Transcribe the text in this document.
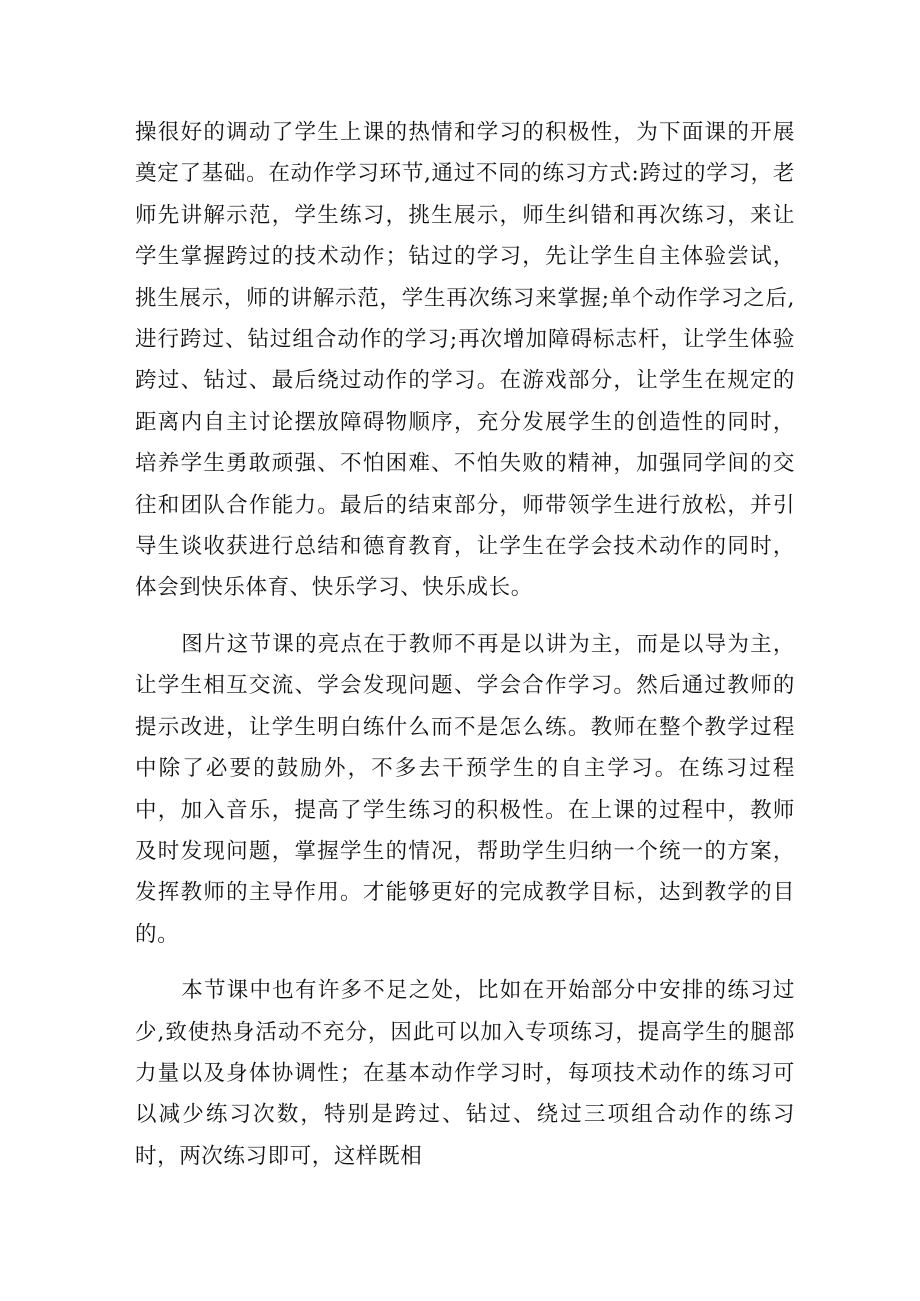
操很好的调动了学生上课的热情和学习的积极性，为下面课的开展奠定了基础。在动作学习环节,通过不同的练习方式:跨过的学习，老师先讲解示范，学生练习，挑生展示，师生纠错和再次练习，来让学生掌握跨过的技术动作；钻过的学习，先让学生自主体验尝试，挑生展示，师的讲解示范，学生再次练习来掌握;单个动作学习之后,进行跨过、钻过组合动作的学习;再次增加障碍标志杆，让学生体验跨过、钻过、最后绕过动作的学习。在游戏部分，让学生在规定的距离内自主讨论摆放障碍物顺序，充分发展学生的创造性的同时，培养学生勇敢顽强、不怕困难、不怕失败的精神，加强同学间的交往和团队合作能力。最后的结束部分，师带领学生进行放松，并引导生谈收获进行总结和德育教育，让学生在学会技术动作的同时，体会到快乐体育、快乐学习、快乐成长。

图片这节课的亮点在于教师不再是以讲为主，而是以导为主，让学生相互交流、学会发现问题、学会合作学习。然后通过教师的提示改进，让学生明白练什么而不是怎么练。教师在整个教学过程中除了必要的鼓励外，不多去干预学生的自主学习。在练习过程中，加入音乐，提高了学生练习的积极性。在上课的过程中，教师及时发现问题，掌握学生的情况，帮助学生归纳一个统一的方案，发挥教师的主导作用。才能够更好的完成教学目标，达到教学的目的。

本节课中也有许多不足之处，比如在开始部分中安排的练习过少,致使热身活动不充分，因此可以加入专项练习，提高学生的腿部力量以及身体协调性；在基本动作学习时，每项技术动作的练习可以减少练习次数，特别是跨过、钻过、绕过三项组合动作的练习时，两次练习即可，这样既相
